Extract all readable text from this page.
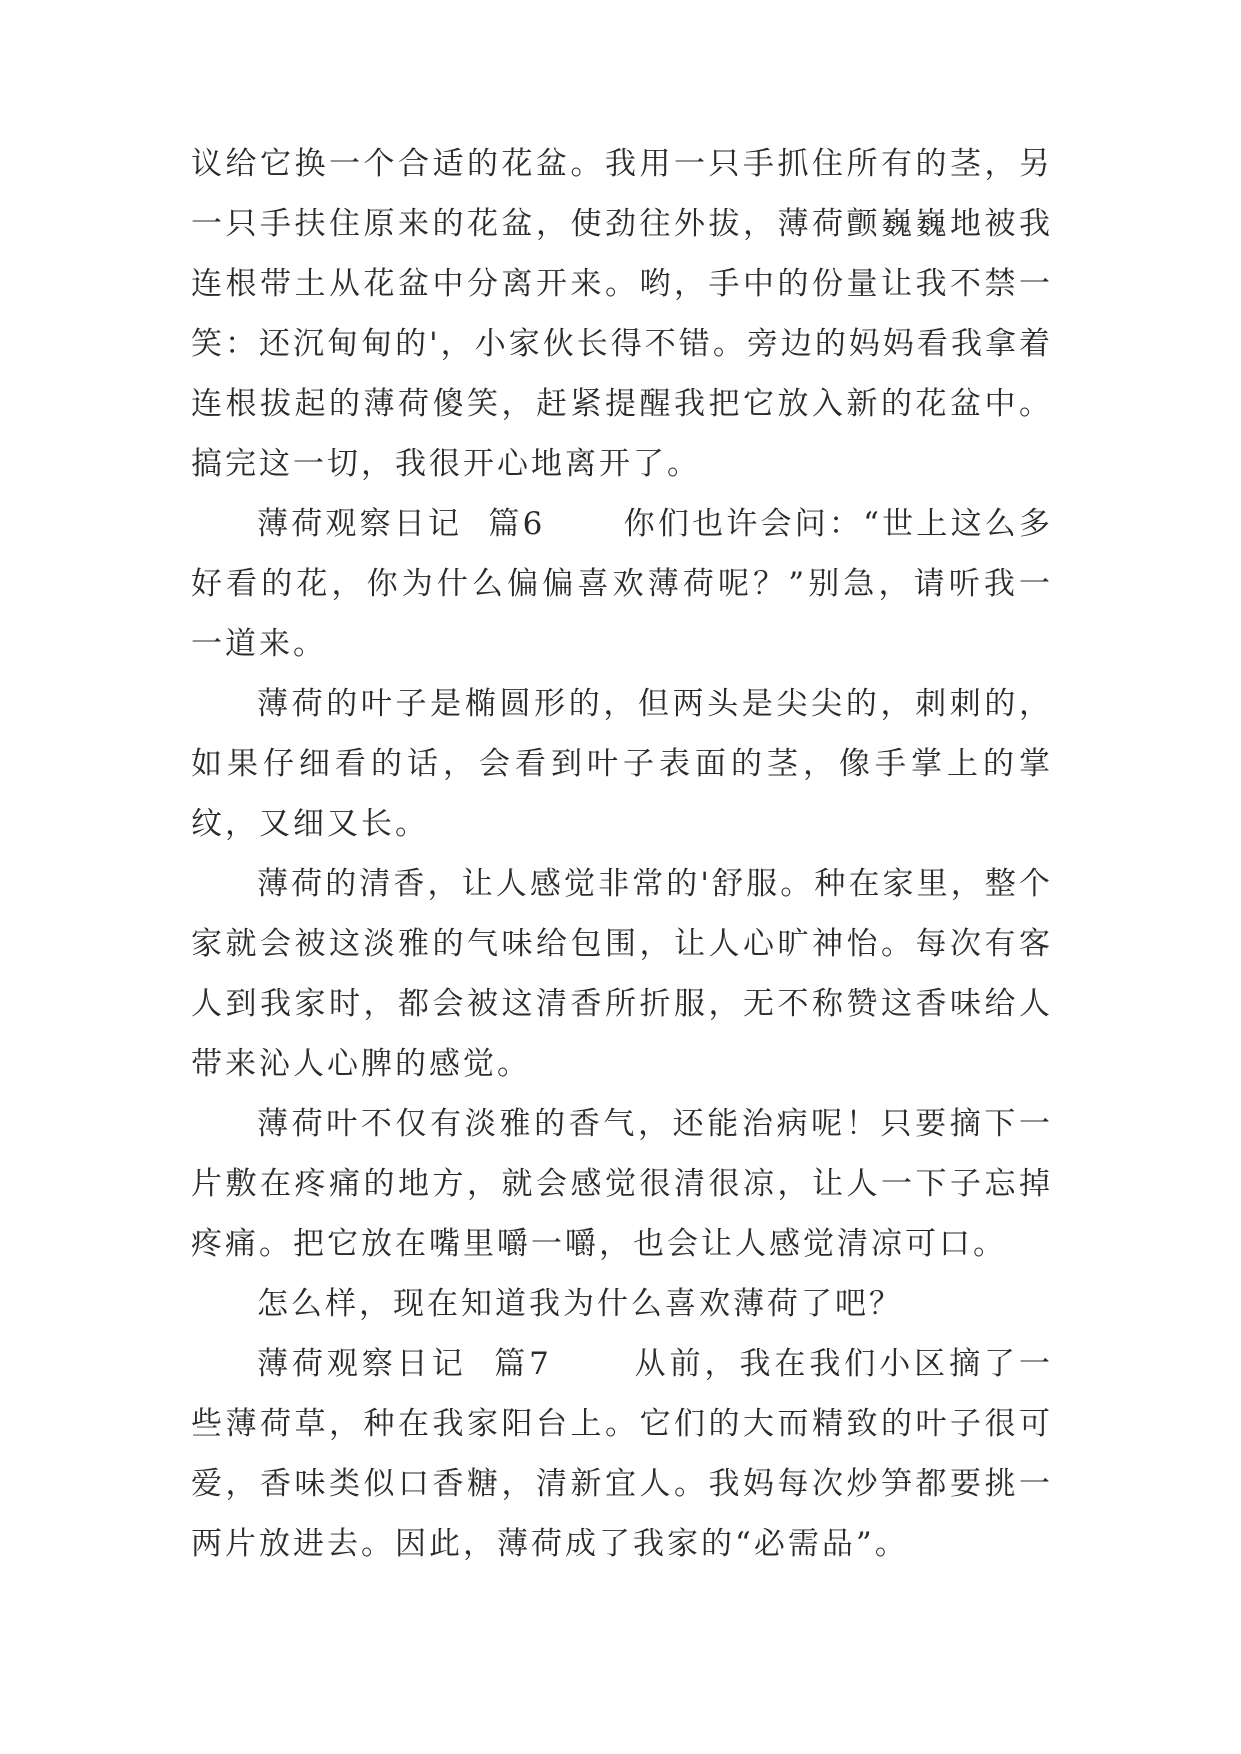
议给它换一个合适的花盆。我用一只手抓住所有的茎，另一只手扶住原来的花盆，使劲往外拔，薄荷颤巍巍地被我连根带土从花盆中分离开来。哟，手中的份量让我不禁一笑：还沉甸甸的'，小家伙长得不错。旁边的妈妈看我拿着连根拔起的薄荷傻笑，赶紧提醒我把它放入新的花盆中。搞完这一切，我很开心地离开了。

薄荷观察日记  篇6	你们也许会问：“世上这么多好看的花，你为什么偏偏喜欢薄荷呢？”别急，请听我一一道来。

薄荷的叶子是椭圆形的，但两头是尖尖的，刺刺的，如果仔细看的话，会看到叶子表面的茎，像手掌上的掌纹，又细又长。

薄荷的清香，让人感觉非常的'舒服。种在家里，整个家就会被这淡雅的气味给包围，让人心旷神怡。每次有客人到我家时，都会被这清香所折服，无不称赞这香味给人带来沁人心脾的感觉。

薄荷叶不仅有淡雅的香气，还能治病呢！只要摘下一片敷在疼痛的地方，就会感觉很清很凉，让人一下子忘掉疼痛。把它放在嘴里嚼一嚼，也会让人感觉清凉可口。

怎么样，现在知道我为什么喜欢薄荷了吧？

薄荷观察日记  篇7	从前，我在我们小区摘了一些薄荷草，种在我家阳台上。它们的大而精致的叶子很可爱，香味类似口香糖，清新宜人。我妈每次炒笋都要挑一两片放进去。因此，薄荷成了我家的“必需品”。
